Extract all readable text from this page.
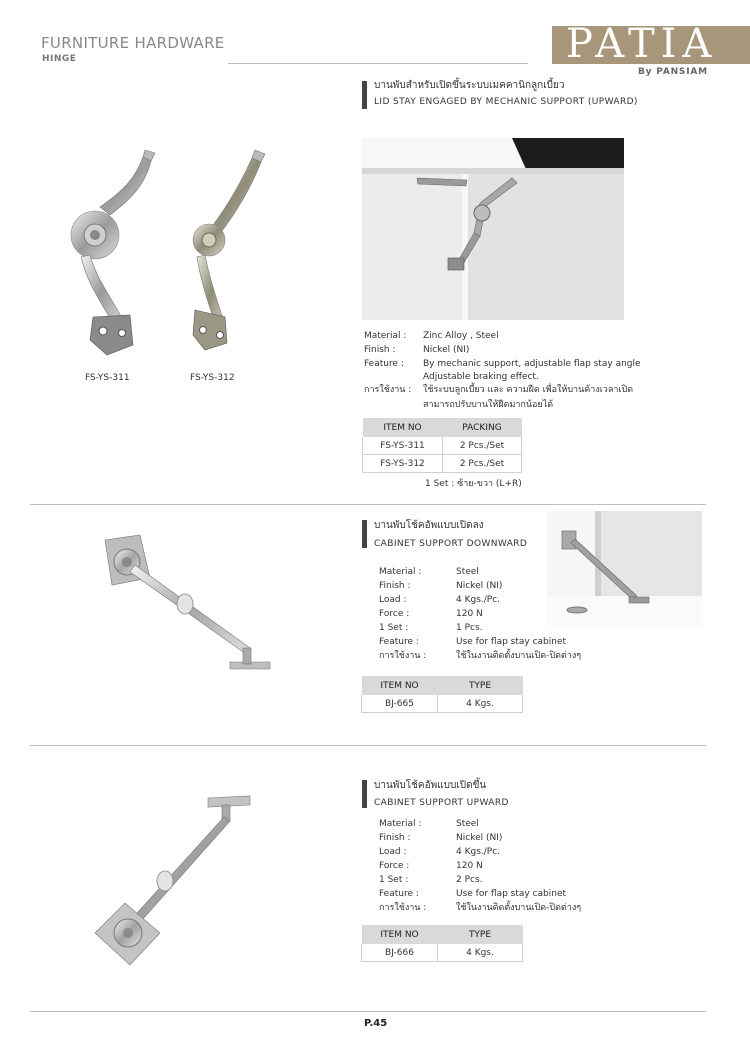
FURNITURE HARDWARE
HINGE	PATIA
By PANSIAM
บานพับสำหรับเปิดขึ้นระบบเมคคานิกลูกเบี้ยว
LID STAY ENGAGED BY MECHANIC SUPPORT (UPWARD)
FS-YS-311	FS-YS-312
Material : Zinc Alloy , Steel
Finish :	Nickel (NI)
Feature : By mechanic support, adjustable flap stay angle
Adjustable braking effect.
การใช้งาน : ใช้ระบบลูกเบี้ยว และ ความฝืด เพื่อให้บานค้างเวลาเปิด
สามารถปรับบานให้ฝืดมากน้อยได้
ITEM NO	PACKING
FS-YS-311	2 Pcs./Set
FS-YS-312	2 Pcs./Set
1 Set : ซ้าย-ขวา (L+R)
บานพับโช้คอัพแบบเปิดลง
CABINET SUPPORT DOWNWARD
Material :	Steel
Finish :	Nickel (NI)
Load :	4 Kgs./Pc.
Force :	120 N
1 Set :	1 Pcs.
Feature :	Use for flap stay cabinet
การใช้งาน :	ใช้ในงานติดตั้งบานเปิด-ปิดต่างๆ
ITEM NO	TYPE
BJ-665	4 Kgs.
บานพับโช้คอัพแบบเปิดขึ้น
CABINET SUPPORT UPWARD
Material :	Steel
Finish :	Nickel (NI)
Load :	4 Kgs./Pc.
Force :	120 N
1 Set :	2 Pcs.
Feature :	Use for flap stay cabinet
การใช้งาน :	ใช้ในงานติดตั้งบานเปิด-ปิดต่างๆ
ITEM NO	TYPE
BJ-666	4 Kgs.
P.45
